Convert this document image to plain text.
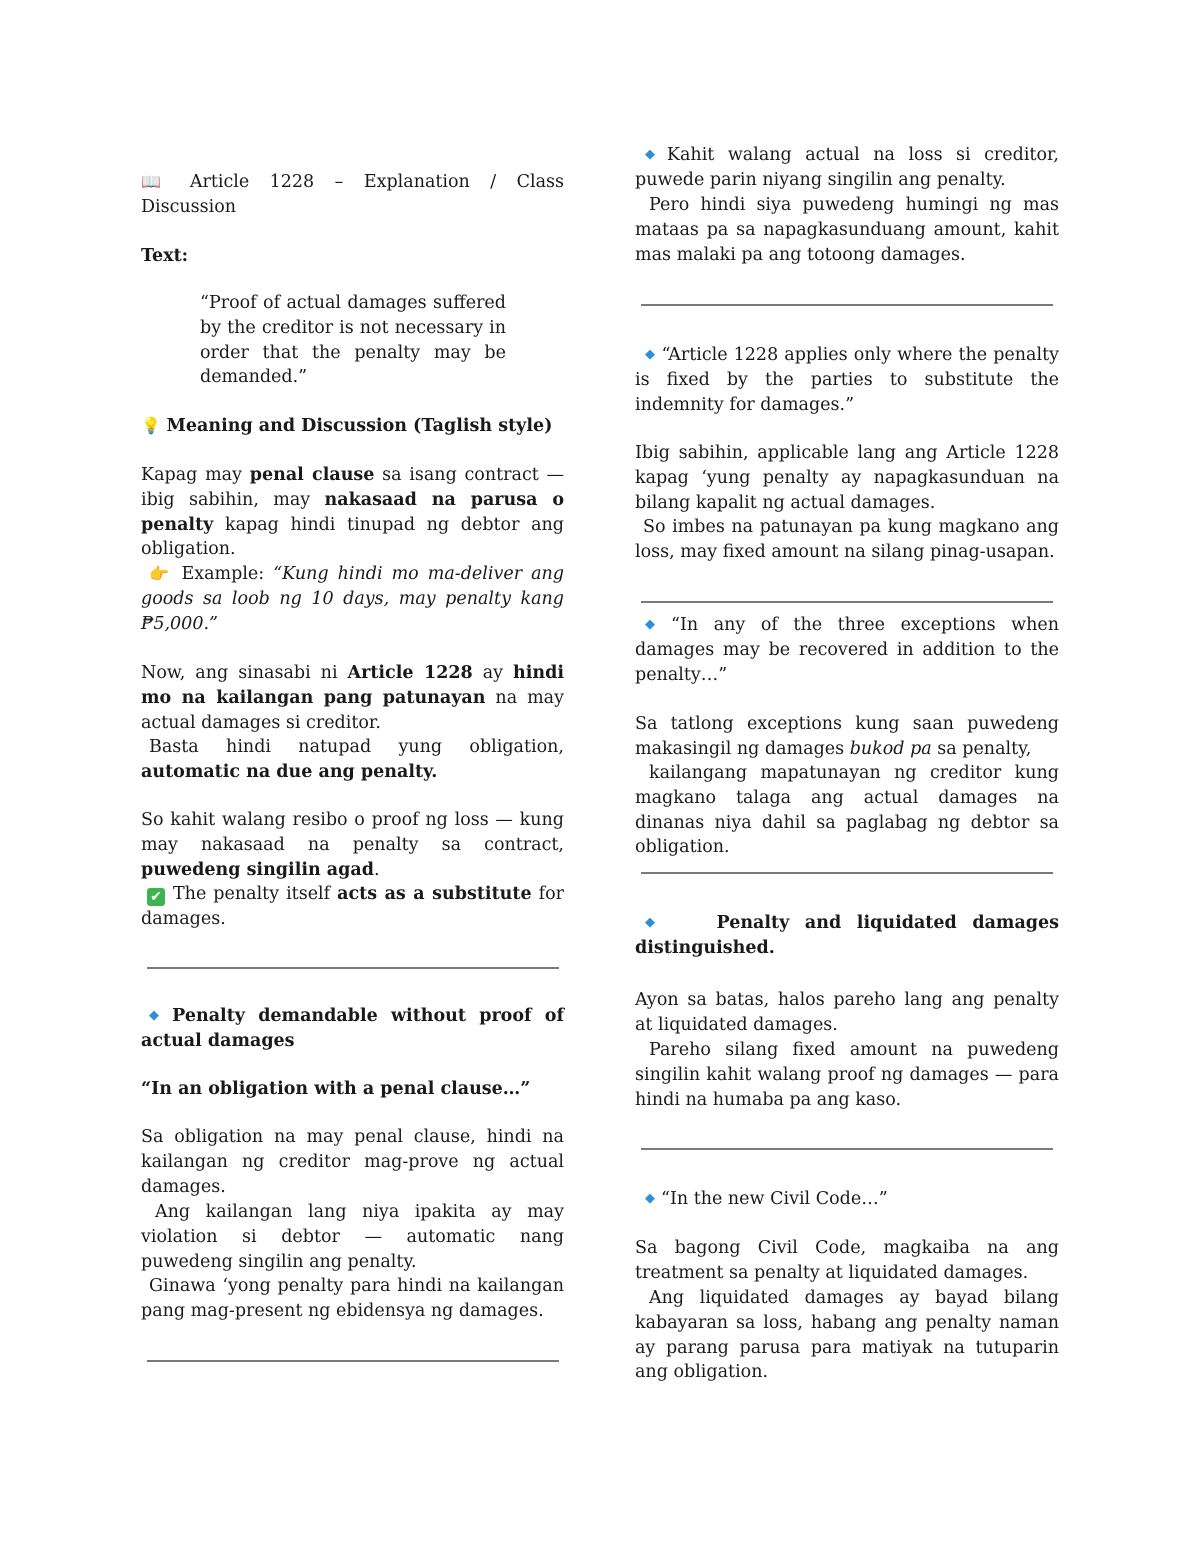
📖 Article 1228 – Explanation / Class Discussion

Text:

“Proof of actual damages suffered by the creditor is not necessary in order that the penalty may be demanded.”

💡 Meaning and Discussion (Taglish style)

Kapag may penal clause sa isang contract — ibig sabihin, may nakasaad na parusa o penalty kapag hindi tinupad ng debtor ang obligation.

👉 Example: “Kung hindi mo ma-deliver ang goods sa loob ng 10 days, may penalty kang ₱5,000.”

Now, ang sinasabi ni Article 1228 ay hindi mo na kailangan pang patunayan na may actual damages si creditor.

Basta hindi natupad yung obligation, automatic na due ang penalty.

So kahit walang resibo o proof ng loss — kung may nakasaad na penalty sa contract, puwedeng singilin agad.

✔ The penalty itself acts as a substitute for damages.

◆ Penalty demandable without proof of actual damages

“In an obligation with a penal clause…”

Sa obligation na may penal clause, hindi na kailangan ng creditor mag-prove ng actual damages.

Ang kailangan lang niya ipakita ay may violation si debtor — automatic nang puwedeng singilin ang penalty.

Ginawa ‘yong penalty para hindi na kailangan pang mag-present ng ebidensya ng damages.

◆ Kahit walang actual na loss si creditor, puwede parin niyang singilin ang penalty.

Pero hindi siya puwedeng humingi ng mas mataas pa sa napagkasunduang amount, kahit mas malaki pa ang totoong damages.

◆ “Article 1228 applies only where the penalty is fixed by the parties to substitute the indemnity for damages.”

Ibig sabihin, applicable lang ang Article 1228 kapag ‘yung penalty ay napagkasunduan na bilang kapalit ng actual damages.

So imbes na patunayan pa kung magkano ang loss, may fixed amount na silang pinag-usapan.

◆ “In any of the three exceptions when damages may be recovered in addition to the penalty…”

Sa tatlong exceptions kung saan puwedeng makasingil ng damages bukod pa sa penalty,

kailangang mapatunayan ng creditor kung magkano talaga ang actual damages na dinanas niya dahil sa paglabag ng debtor sa obligation.

◆	Penalty and liquidated damages distinguished.

Ayon sa batas, halos pareho lang ang penalty at liquidated damages.

Pareho silang fixed amount na puwedeng singilin kahit walang proof ng damages — para hindi na humaba pa ang kaso.

◆ “In the new Civil Code…”

Sa bagong Civil Code, magkaiba na ang treatment sa penalty at liquidated damages.

Ang liquidated damages ay bayad bilang kabayaran sa loss, habang ang penalty naman ay parang parusa para matiyak na tutuparin ang obligation.
